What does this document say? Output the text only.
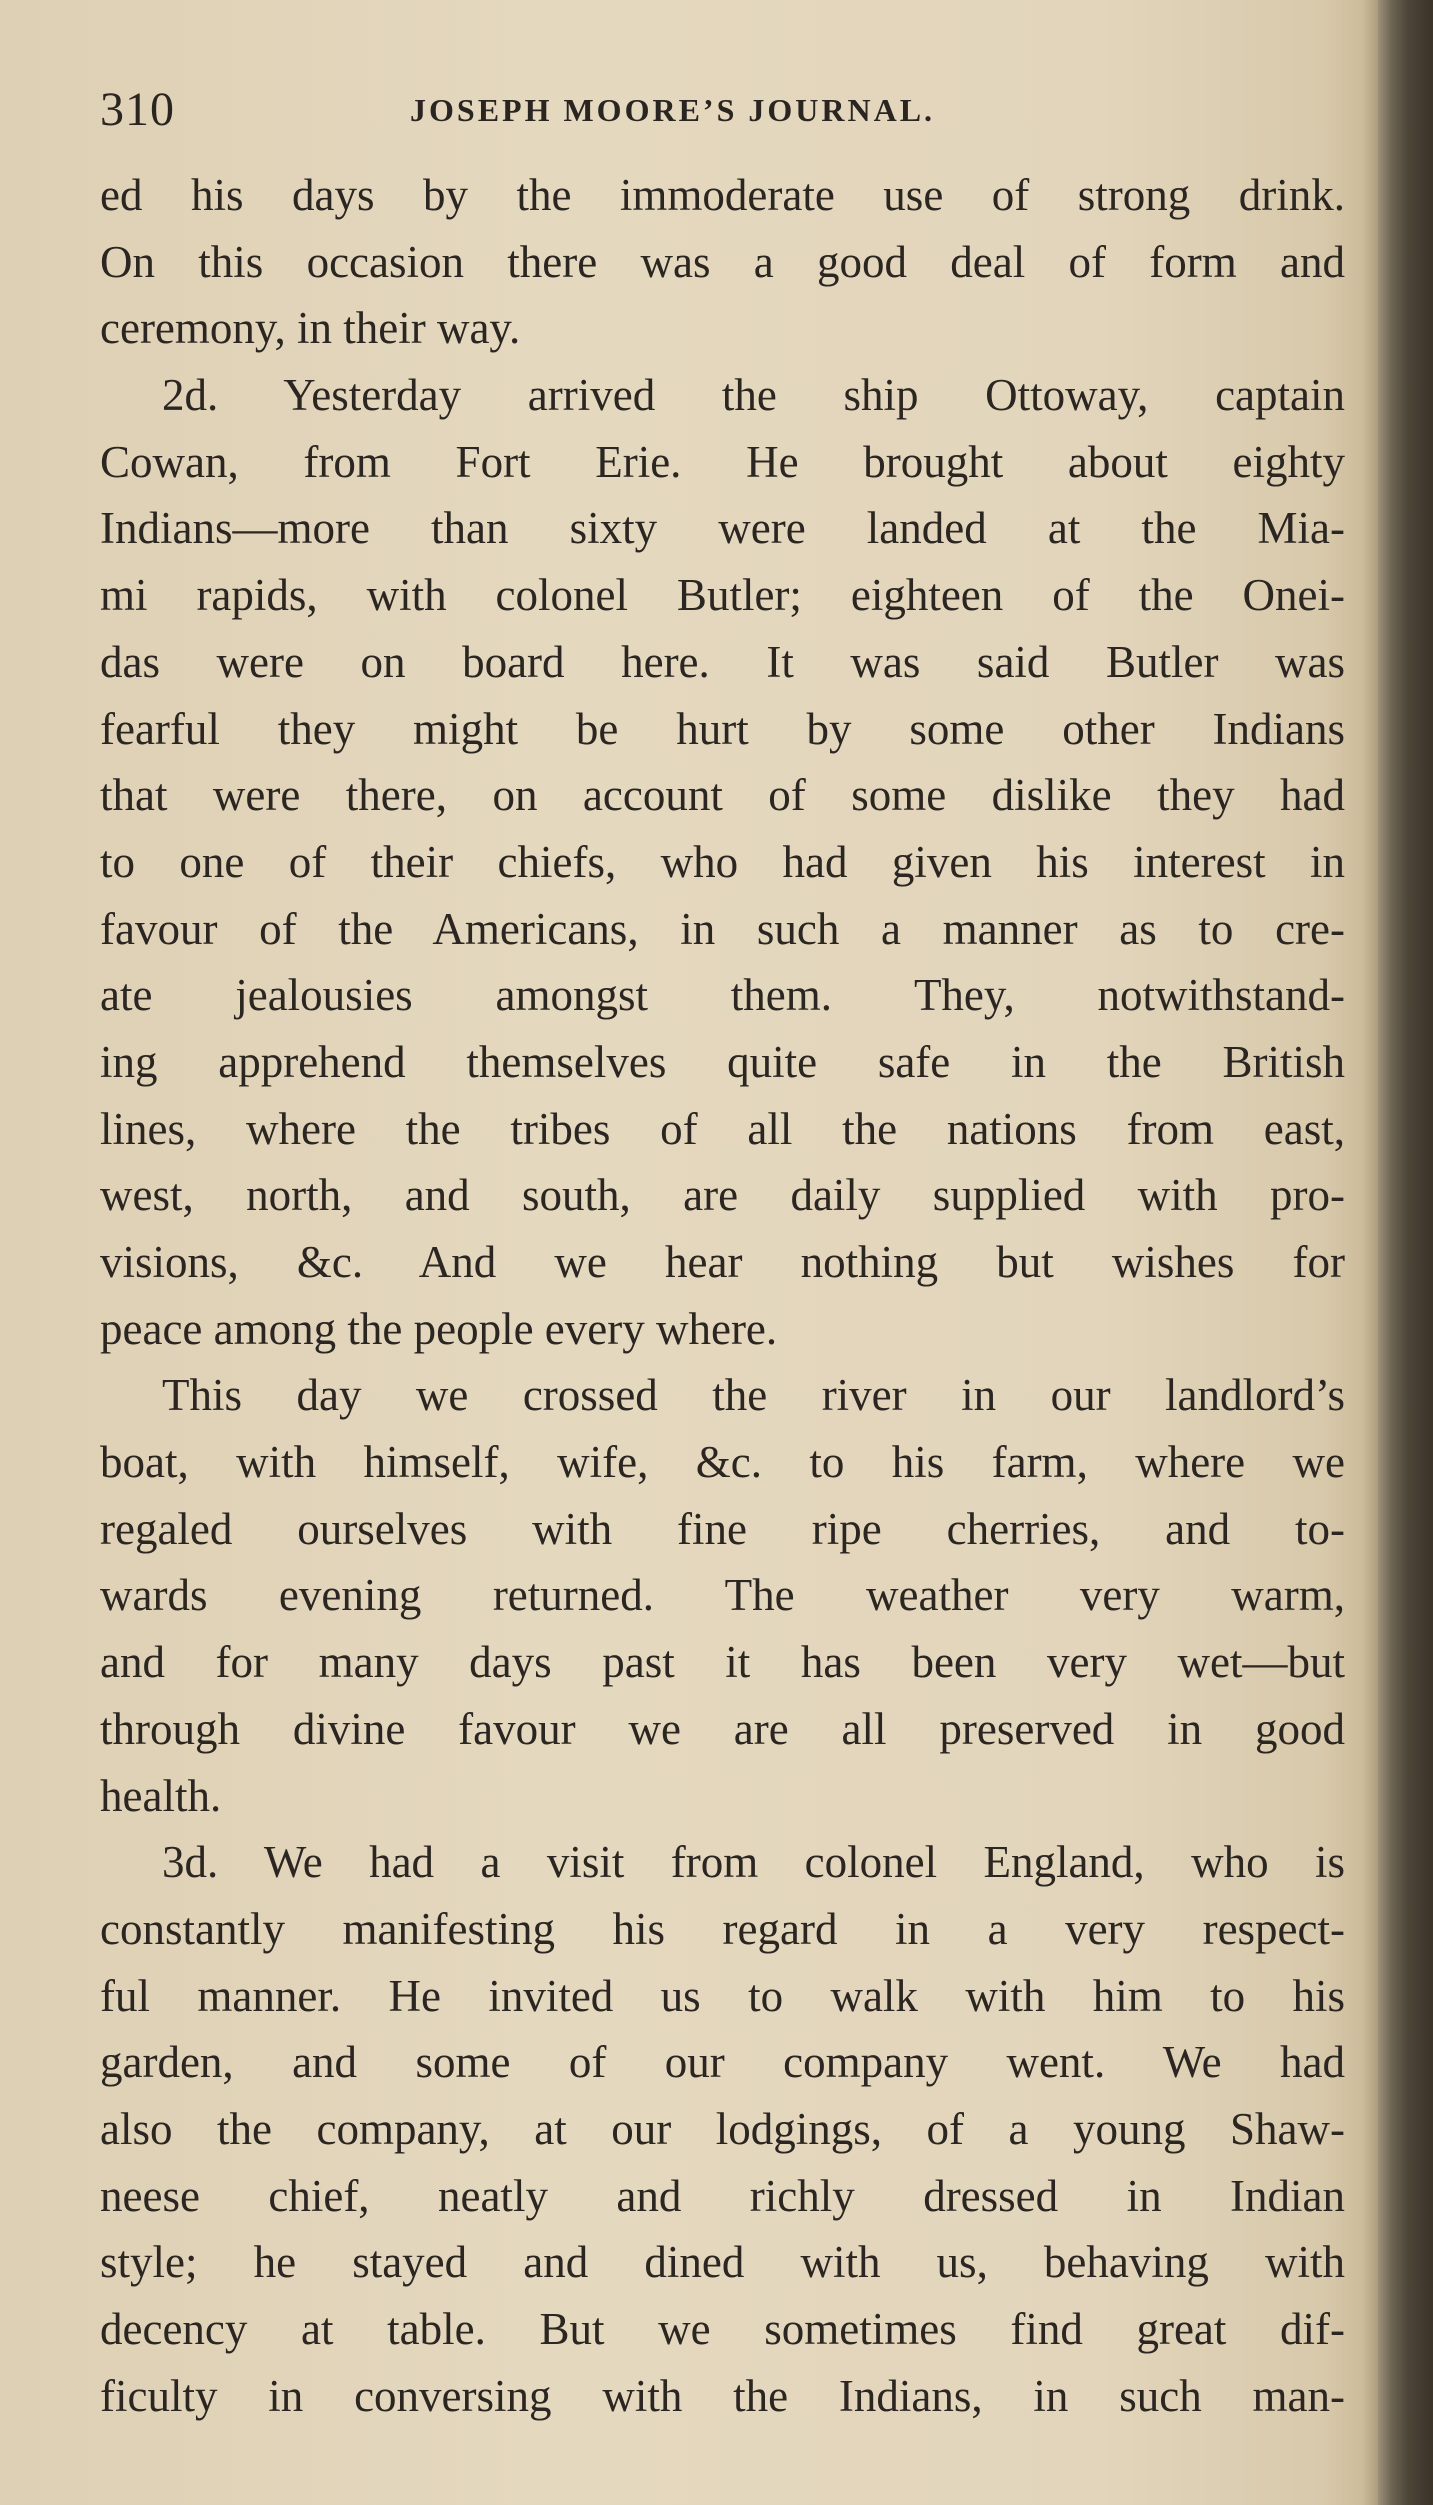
310	JOSEPH MOORE’S JOURNAL.
ed his days by the immoderate use of strong drink.
On this occasion there was a good deal of form and
ceremony, in their way.
2d. Yesterday arrived the ship Ottoway, captain
Cowan, from Fort Erie. He brought about eighty
Indians—more than sixty were landed at the Mia-
mi rapids, with colonel Butler; eighteen of the Onei-
das were on board here. It was said Butler was
fearful they might be hurt by some other Indians
that were there, on account of some dislike they had
to one of their chiefs, who had given his interest in
favour of the Americans, in such a manner as to cre-
ate jealousies amongst them. They, notwithstand-
ing apprehend themselves quite safe in the British
lines, where the tribes of all the nations from east,
west, north, and south, are daily supplied with pro-
visions, &c. And we hear nothing but wishes for
peace among the people every where.
This day we crossed the river in our landlord’s
boat, with himself, wife, &c. to his farm, where we
regaled ourselves with fine ripe cherries, and to-
wards evening returned. The weather very warm,
and for many days past it has been very wet—but
through divine favour we are all preserved in good
health.
3d. We had a visit from colonel England, who is
constantly manifesting his regard in a very respect-
ful manner. He invited us to walk with him to his
garden, and some of our company went. We had
also the company, at our lodgings, of a young Shaw-
neese chief, neatly and richly dressed in Indian
style; he stayed and dined with us, behaving with
decency at table. But we sometimes find great dif-
ficulty in conversing with the Indians, in such man-
